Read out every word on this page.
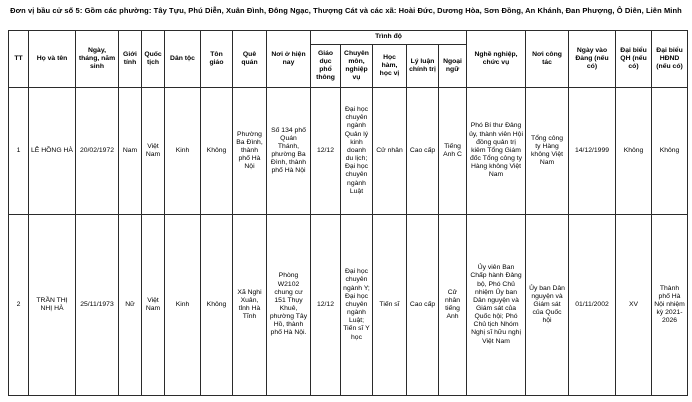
Đơn vị bầu cử số 5: Gồm các phường: Tây Tựu, Phú Diễn, Xuân Đình, Đông Ngạc, Thượng Cát và các xã: Hoài Đức, Dương Hòa, Sơn Đồng, An Khánh, Đan Phượng, Ô Diên, Liên Minh
TT	Họ và tên	Ngày, tháng, năm sinh	Giới tính	Quốc tịch	Dân tộc	Tôn giáo	Quê quán	Nơi ở hiện nay	Trình độ					Nghề nghiệp, chức vụ	Nơi công tác	Ngày vào Đảng (nếu có)	Đại biểu QH (nếu có)	Đại biểu HĐND (nếu có)
									Giáo dục phổ thông	Chuyên môn, nghiệp vụ	Học hàm, học vị	Lý luận chính trị	Ngoại ngữ					
1	LÊ HỒNG HÀ	20/02/1972	Nam	Việt Nam	Kinh	Không	Phường Ba Đình, thành phố Hà Nội	Số 134 phố Quán Thánh, phường Ba Đình, thành phố Hà Nội	12/12	Đại học chuyên ngành Quản lý kinh doanh du lịch; Đại học chuyên ngành Luật	Cử nhân	Cao cấp	Tiếng Anh C	Phó Bí thư Đảng ủy, thành viên Hội đồng quản trị kiêm Tổng Giám đốc Tổng công ty Hàng không Việt Nam	Tổng công ty Hàng không Việt Nam	14/12/1999	Không	Không
2	TRẦN THỊ NHỊ HÀ	25/11/1973	Nữ	Việt Nam	Kinh	Không	Xã Nghi Xuân, tỉnh Hà Tĩnh	Phòng W2102 chung cư 151 Thụy Khuê, phường Tây Hồ, thành phố Hà Nội.	12/12	Đại học chuyên ngành Y; Đại học chuyên ngành Luật; Tiến sĩ Y học	Tiến sĩ	Cao cấp	Cử nhân tiếng Anh	Ủy viên Ban Chấp hành Đảng bộ, Phó Chủ nhiệm Ủy ban Dân nguyện và Giám sát của Quốc hội; Phó Chủ tịch Nhóm Nghị sĩ hữu nghị Việt Nam	Ủy ban Dân nguyện và Giám sát của Quốc hội	01/11/2002	XV	Thành phố Hà Nội nhiệm kỳ 2021-2026
